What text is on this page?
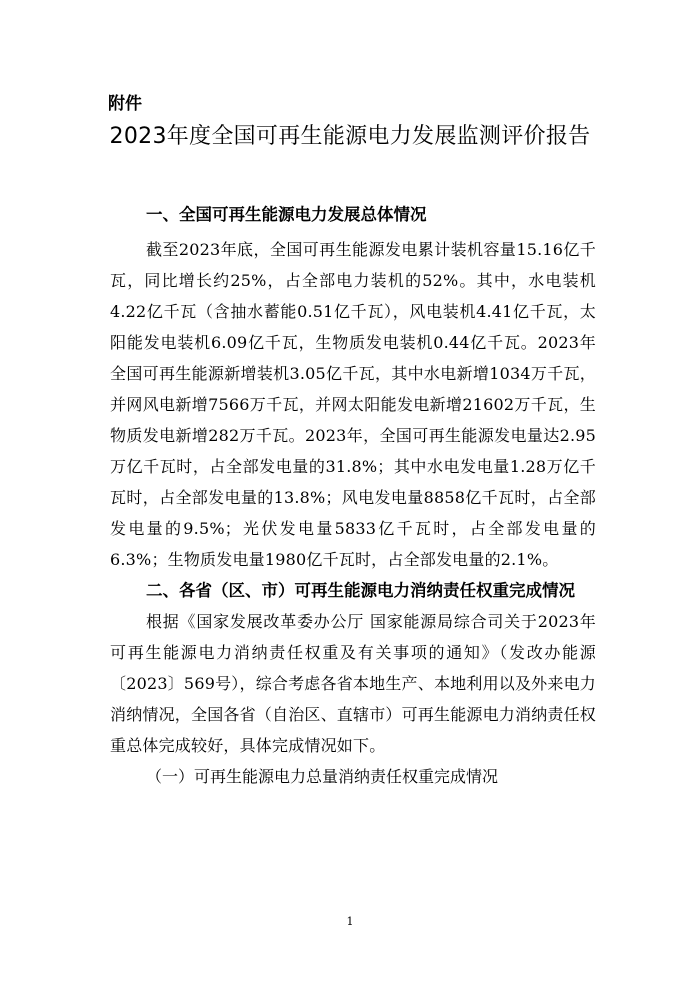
附件

2023年度全国可再生能源电力发展监测评价报告
一、全国可再生能源电力发展总体情况

截至2023年底，全国可再生能源发电累计装机容量15.16亿千瓦，同比增长约25%，占全部电力装机的52%。其中，水电装机4.22亿千瓦（含抽水蓄能0.51亿千瓦），风电装机4.41亿千瓦，太阳能发电装机6.09亿千瓦，生物质发电装机0.44亿千瓦。2023年全国可再生能源新增装机3.05亿千瓦，其中水电新增1034万千瓦，并网风电新增7566万千瓦，并网太阳能发电新增21602万千瓦，生物质发电新增282万千瓦。2023年，全国可再生能源发电量达2.95万亿千瓦时，占全部发电量的31.8%；其中水电发电量1.28万亿千瓦时，占全部发电量的13.8%；风电发电量8858亿千瓦时，占全部发电量的9.5%；光伏发电量5833亿千瓦时，占全部发电量的6.3%；生物质发电量1980亿千瓦时，占全部发电量的2.1%。

二、各省（区、市）可再生能源电力消纳责任权重完成情况

根据《国家发展改革委办公厅 国家能源局综合司关于2023年可再生能源电力消纳责任权重及有关事项的通知》（发改办能源〔2023〕569号），综合考虑各省本地生产、本地利用以及外来电力消纳情况，全国各省（自治区、直辖市）可再生能源电力消纳责任权重总体完成较好，具体完成情况如下。

（一）可再生能源电力总量消纳责任权重完成情况

1
